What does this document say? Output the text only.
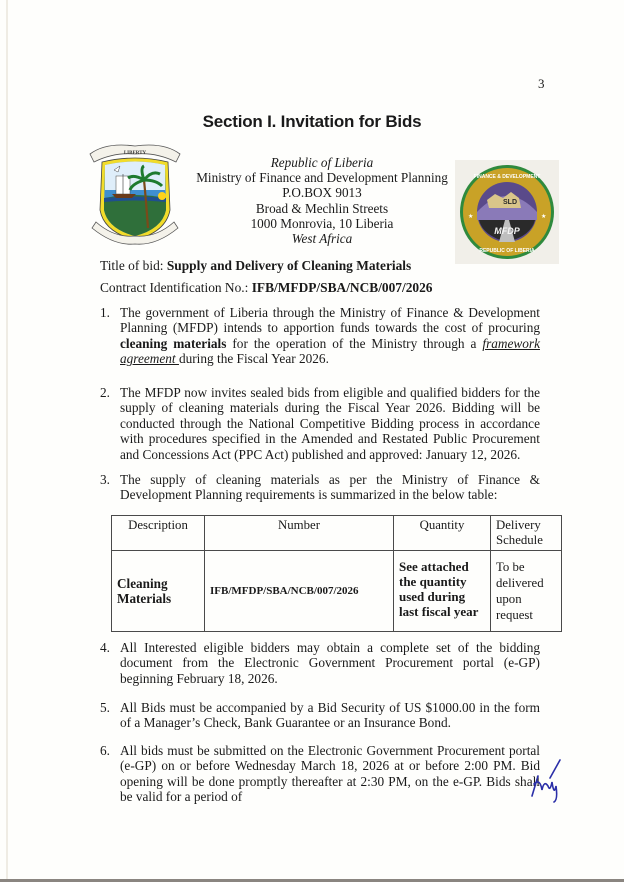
3
Section I. Invitation for Bids
LIBERTY
Republic of Liberia
Ministry of Finance and Development Planning
P.O.BOX 9013
Broad & Mechlin Streets
1000 Monrovia, 10 Liberia
West Africa
SLD
MFDP
FINANCE & DEVELOPMENT
REPUBLIC OF LIBERIA
★	★
Title of bid: Supply and Delivery of Cleaning Materials
Contract Identification No.: IFB/MFDP/SBA/NCB/007/2026
1. The government of Liberia through the Ministry of Finance & Development Planning (MFDP) intends to apportion funds towards the cost of procuring cleaning materials for the operation of the Ministry through a framework agreement during the Fiscal Year 2026.
2. The MFDP now invites sealed bids from eligible and qualified bidders for the supply of cleaning materials during the Fiscal Year 2026. Bidding will be conducted through the National Competitive Bidding process in accordance with procedures specified in the Amended and Restated Public Procurement and Concessions Act (PPC Act) published and approved: January 12, 2026.
3. The supply of cleaning materials as per the Ministry of Finance & Development Planning requirements is summarized in the below table:
Description	Number	Quantity	Delivery Schedule
Cleaning Materials	IFB/MFDP/SBA/NCB/007/2026	See attached the quantity used during last fiscal year	To be delivered upon request
4. All Interested eligible bidders may obtain a complete set of the bidding document from the Electronic Government Procurement portal (e-GP) beginning February 18, 2026.
5. All Bids must be accompanied by a Bid Security of US $1000.00 in the form of a Manager’s Check, Bank Guarantee or an Insurance Bond.
6. All bids must be submitted on the Electronic Government Procurement portal (e-GP) on or before Wednesday March 18, 2026 at or before 2:00 PM. Bid opening will be done promptly thereafter at 2:30 PM, on the e-GP. Bids shall be valid for a period of
